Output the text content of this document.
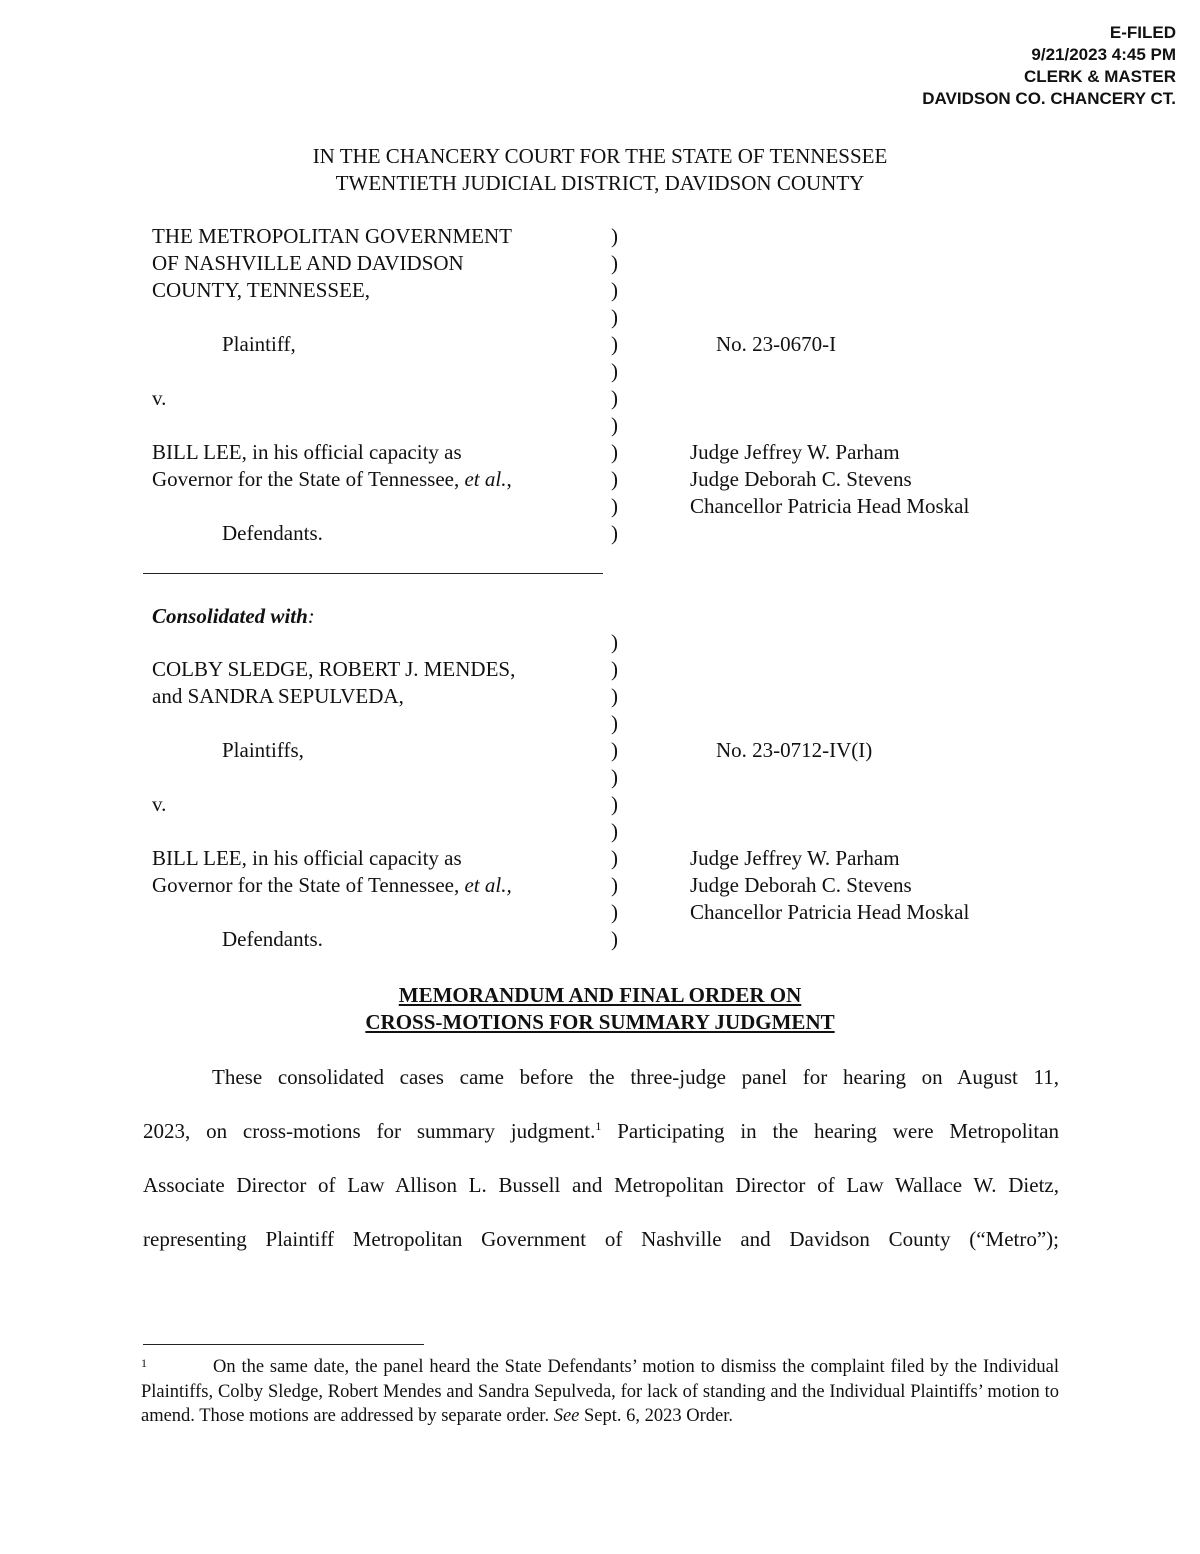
E-FILED
9/21/2023 4:45 PM
CLERK & MASTER
DAVIDSON CO. CHANCERY CT.
IN THE CHANCERY COURT FOR THE STATE OF TENNESSEE
TWENTIETH JUDICIAL DISTRICT, DAVIDSON COUNTY
THE METROPOLITAN GOVERNMENT
OF NASHVILLE AND DAVIDSON
COUNTY, TENNESSEE,
Plaintiff,
v.
BILL LEE, in his official capacity as
Governor for the State of Tennessee, et al.,
Defendants.
)
)
)
)
)
)
)
)
)
)
)
)
No. 23-0670-I
Judge Jeffrey W. Parham
Judge Deborah C. Stevens
Chancellor Patricia Head Moskal
Consolidated with:
COLBY SLEDGE, ROBERT J. MENDES,
and SANDRA SEPULVEDA,
Plaintiffs,
v.
BILL LEE, in his official capacity as
Governor for the State of Tennessee, et al.,
Defendants.
)
)
)
)
)
)
)
)
)
)
)
)
No. 23-0712-IV(I)
Judge Jeffrey W. Parham
Judge Deborah C. Stevens
Chancellor Patricia Head Moskal
MEMORANDUM AND FINAL ORDER ON
CROSS-MOTIONS FOR SUMMARY JUDGMENT
These consolidated cases came before the three-judge panel for hearing on August 11,
2023, on cross-motions for summary judgment.$^1$ Participating in the hearing were Metropolitan
Associate Director of Law Allison L. Bussell and Metropolitan Director of Law Wallace W. Dietz,
representing Plaintiff Metropolitan Government of Nashville and Davidson County (“Metro”);
1	On the same date, the panel heard the State Defendants’ motion to dismiss the complaint filed by the Individual Plaintiffs, Colby Sledge, Robert Mendes and Sandra Sepulveda, for lack of standing and the Individual Plaintiffs’ motion to amend. Those motions are addressed by separate order. See Sept. 6, 2023 Order.
